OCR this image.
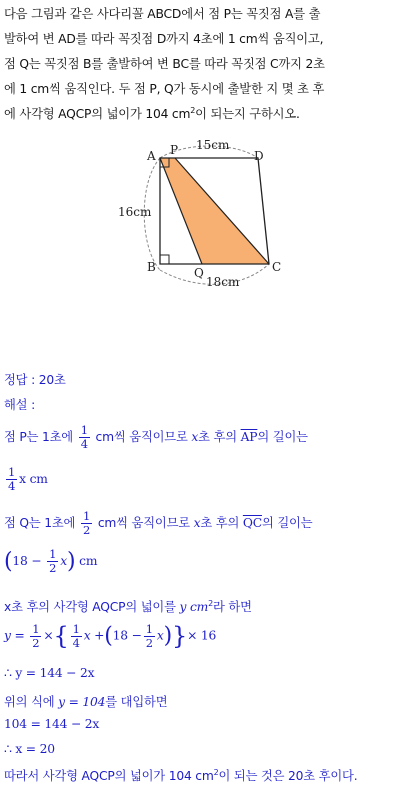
다음 그림과 같은 사다리꼴 ABCD에서 점 P는 꼭짓점 A를 출
발하여 변 AD를 따라 꼭짓점 D까지 4초에 1 cm씩 움직이고,
점 Q는 꼭짓점 B를 출발하여 변 BC를 따라 꼭짓점 C까지 2초
에 1 cm씩 움직인다. 두 점 P, Q가 동시에 출발한 지 몇 초 후
에 사각형 AQCP의 넓이가 104 $cm^2$이 되는지 구하시오.
A P	D
B	Q	C
15cm
16cm
18cm
정답 : 20초
해설 :
점 P는 1초에 $\frac{1}{4}$ cm씩 움직이므로 x초 후의 $\overline{AP}$의 길이는
$\frac{1}{4}$ x cm
점 Q는 1초에 $\frac{1}{2}$ cm씩 움직이므로 x초 후의 $\overline{QC}$의 길이는
$(18 - \frac{1}{2} x)$ cm
x초 후의 사각형 AQCP의 넓이를 y $cm^2$라 하면
$y = \frac{1}{2}$ ×{ $\frac{1}{4}$ $x +(18 - \frac{1}{2} x)\}\times 16$
∴ y = 144 − 2x
위의 식에 y = 104를 대입하면
104 = 144 − 2x
∴ x = 20
따라서 사각형 AQCP의 넓이가 104 $cm^2$이 되는 것은 20초 후이다.
